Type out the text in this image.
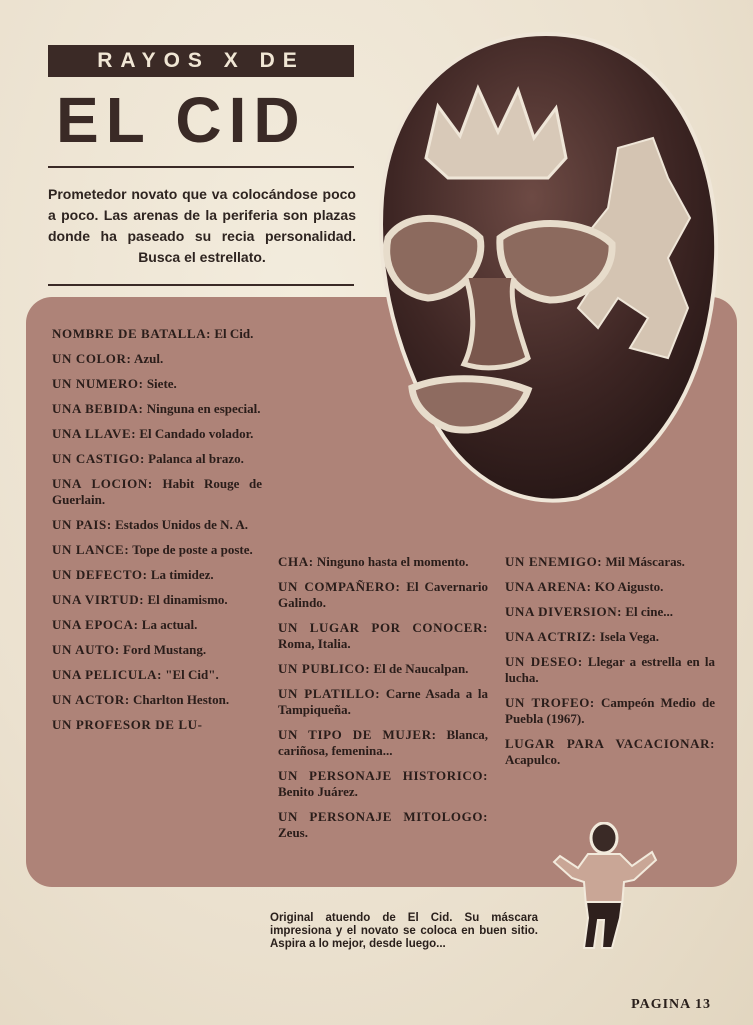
RAYOS X DE
EL CID
Prometedor novato que va colocándose poco a poco. Las arenas de la periferia son plazas donde ha paseado su recia personalidad. Busca el estrellato.

NOMBRE DE BATALLA: El Cid.

UN COLOR: Azul.

UN NUMERO: Siete.

UNA BEBIDA: Ninguna en especial.

UNA LLAVE: El Candado volador.

UN CASTIGO: Palanca al brazo.

UNA LOCION: Habit Rouge de Guerlain.

UN PAIS: Estados Unidos de N. A.

UN LANCE: Tope de poste a poste.

UN DEFECTO: La timidez.

UNA VIRTUD: El dinamismo.

UNA EPOCA: La actual.

UN AUTO: Ford Mustang.

UNA PELICULA: "El Cid".

UN ACTOR: Charlton Heston.

UN PROFESOR DE LU-

CHA: Ninguno hasta el momento.

UN COMPAÑERO: El Cavernario Galindo.

UN LUGAR POR CONOCER: Roma, Italia.

UN PUBLICO: El de Naucalpan.

UN PLATILLO: Carne Asada a la Tampiqueña.

UN TIPO DE MUJER: Blanca, cariñosa, femenina...

UN PERSONAJE HISTORICO: Benito Juárez.

UN PERSONAJE MITOLOGO: Zeus.

UN ENEMIGO: Mil Máscaras.

UNA ARENA: KO Aigusto.

UNA DIVERSION: El cine...

UNA ACTRIZ: Isela Vega.

UN DESEO: Llegar a estrella en la lucha.

UN TROFEO: Campeón Medio de Puebla (1967).

LUGAR PARA VACACIONAR: Acapulco.

Original atuendo de El Cid. Su máscara impresiona y el novato se coloca en buen sitio. Aspira a lo mejor, desde luego...
PAGINA 13
